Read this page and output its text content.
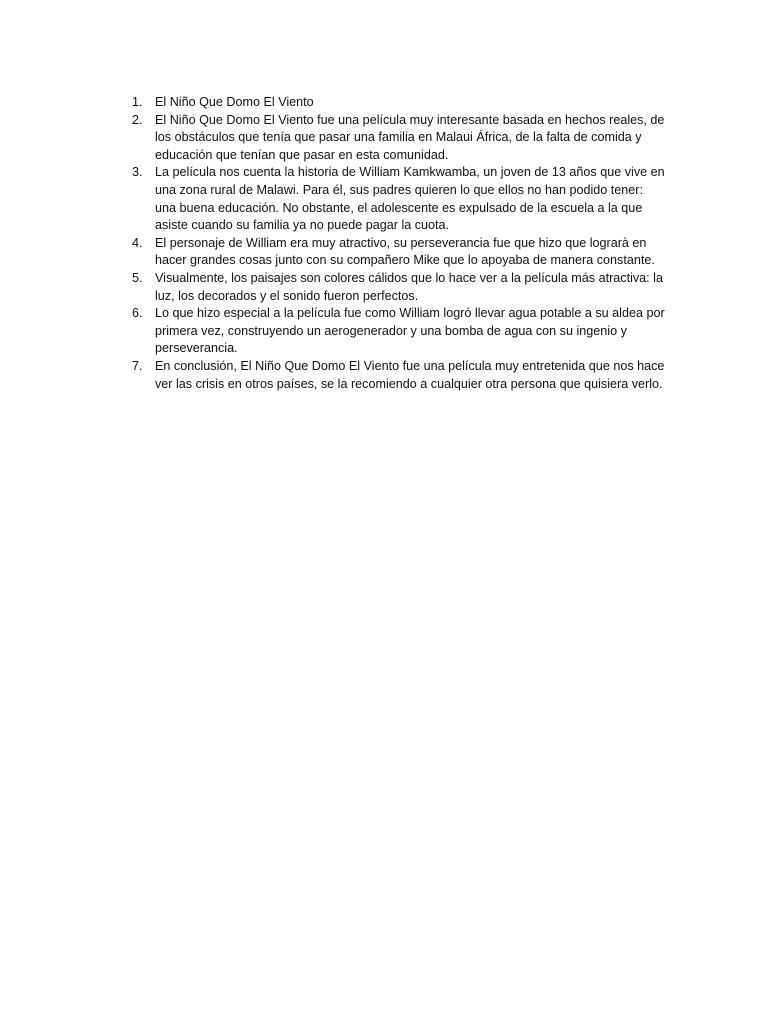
1. El Niño Que Domo El Viento
2. El Niño Que Domo El Viento fue una película muy interesante basada en hechos reales, de los obstáculos que tenía que pasar una familia en Malaui África, de la falta de comida y educación que tenían que pasar en esta comunidad.
3. La película nos cuenta la historia de William Kamkwamba, un joven de 13 años que vive en una zona rural de Malawi. Para él, sus padres quieren lo que ellos no han podido tener: una buena educación. No obstante, el adolescente es expulsado de la escuela a la que asiste cuando su familia ya no puede pagar la cuota.
4. El personaje de William era muy atractivo, su perseverancia fue que hizo que lograrà en hacer grandes cosas junto con su compañero Mike que lo apoyaba de manera constante.
5. Visualmente, los paisajes son colores cálidos que lo hace ver a la película más atractiva: la luz, los decorados y el sonido fueron perfectos.
6. Lo que hizo especial a la película fue como William logró llevar agua potable a su aldea por primera vez, construyendo un aerogenerador y una bomba de agua con su ingenio y perseverancia.
7. En conclusión, El Niño Que Domo El Viento fue una película muy entretenida que nos hace ver las crisis en otros países, se la recomiendo a cualquier otra persona que quisiera verlo.
